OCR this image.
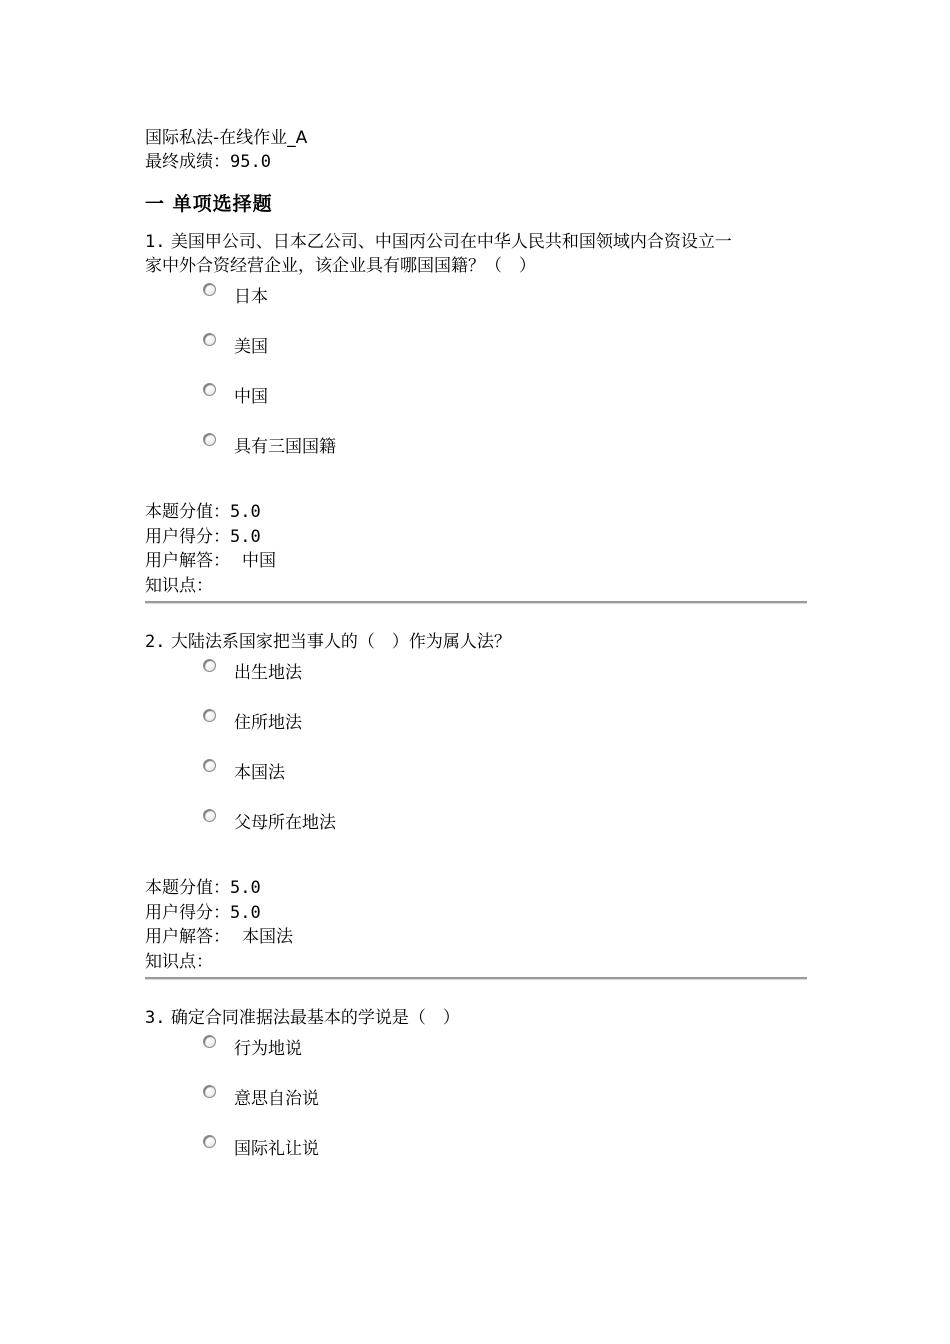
国际私法-在线作业_A
最终成绩：95.0
一 单项选择题
1. 美国甲公司、日本乙公司、中国丙公司在中华人民共和国领域内合资设立一
家中外合资经营企业，该企业具有哪国国籍？（　）
日本
美国
中国
具有三国国籍
本题分值：5.0
用户得分：5.0
用户解答： 中国
知识点：
2. 大陆法系国家把当事人的（　）作为属人法？
出生地法
住所地法
本国法
父母所在地法
本题分值：5.0
用户得分：5.0
用户解答： 本国法
知识点：
3. 确定合同准据法最基本的学说是（　）
行为地说
意思自治说
国际礼让说
